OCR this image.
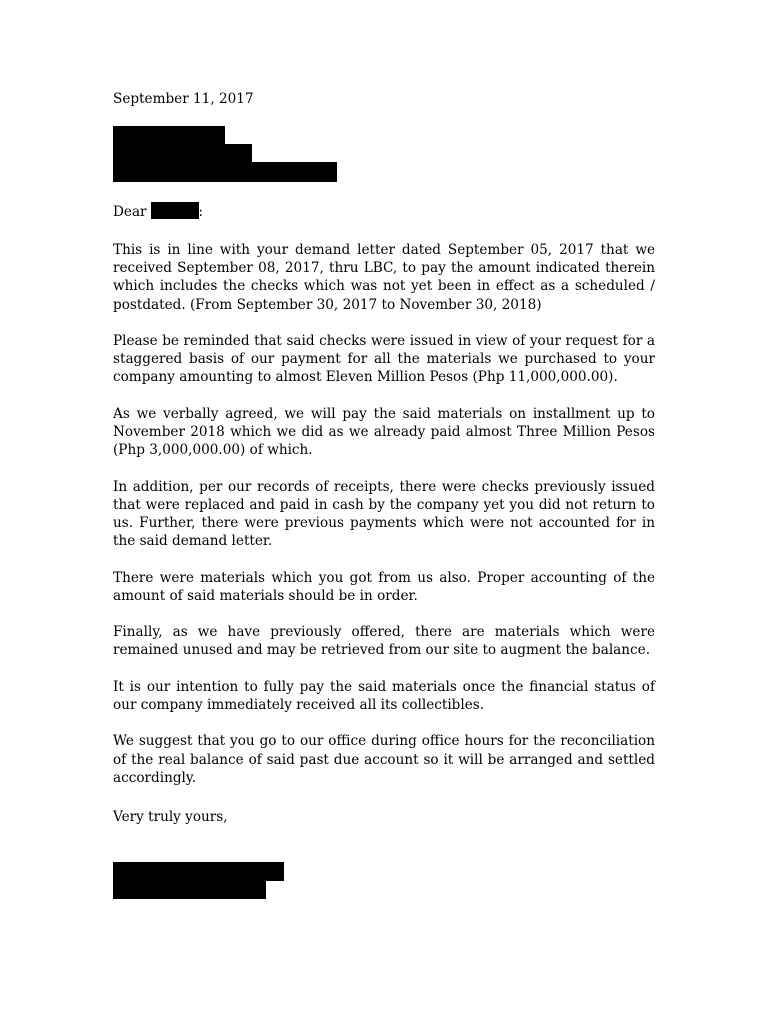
September 11, 2017

Dear	:

This is in line with your demand letter dated September 05, 2017 that we received September 08, 2017, thru LBC, to pay the amount indicated therein which includes the checks which was not yet been in effect as a scheduled / postdated. (From September 30, 2017 to November 30, 2018)

Please be reminded that said checks were issued in view of your request for a staggered basis of our payment for all the materials we purchased to your company amounting to almost Eleven Million Pesos (Php 11,000,000.00).

As we verbally agreed, we will pay the said materials on installment up to November 2018 which we did as we already paid almost Three Million Pesos (Php 3,000,000.00) of which.

In addition, per our records of receipts, there were checks previously issued that were replaced and paid in cash by the company yet you did not return to us. Further, there were previous payments which were not accounted for in the said demand letter.

There were materials which you got from us also. Proper accounting of the amount of said materials should be in order.

Finally, as we have previously offered, there are materials which were remained unused and may be retrieved from our site to augment the balance.

It is our intention to fully pay the said materials once the financial status of our company immediately received all its collectibles.

We suggest that you go to our office during office hours for the reconciliation of the real balance of said past due account so it will be arranged and settled accordingly.

Very truly yours,
